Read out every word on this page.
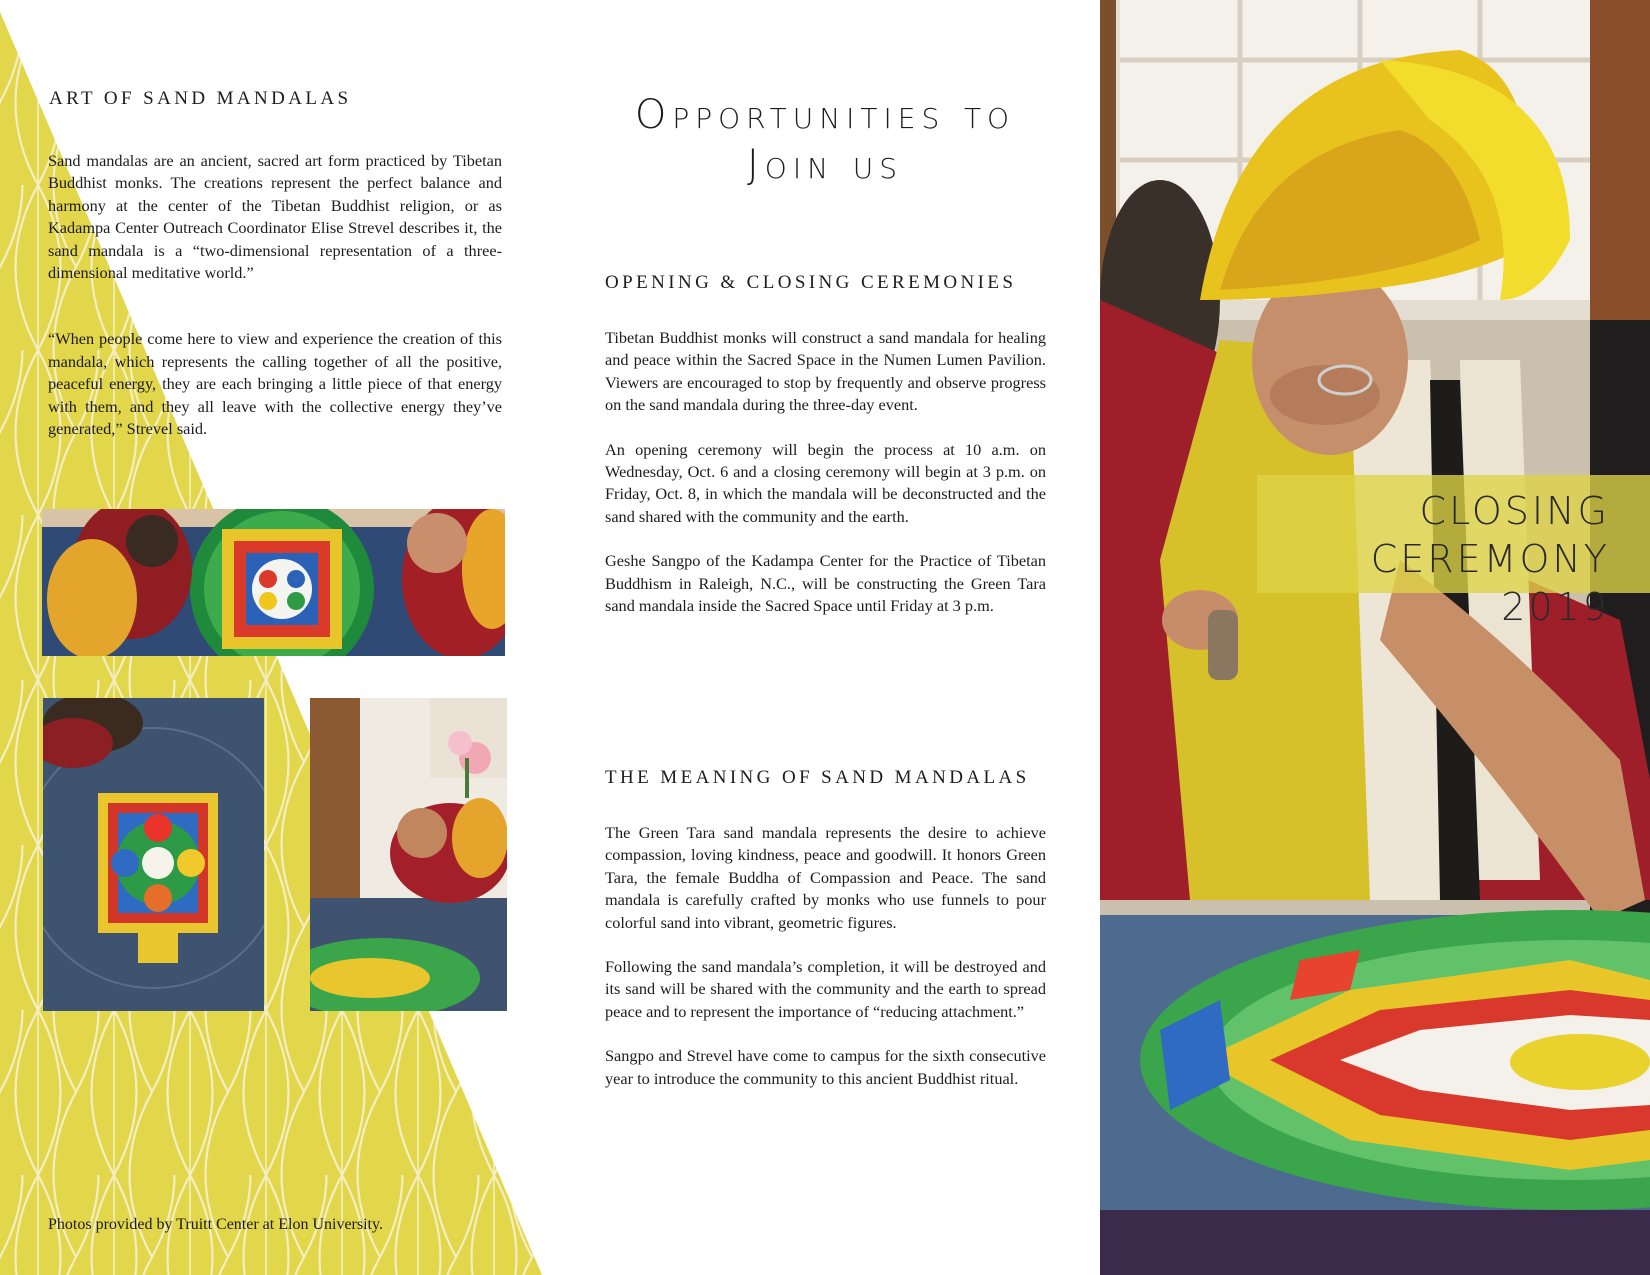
ART OF SAND MANDALAS

Sand mandalas are an ancient, sacred art form practiced by Tibetan Buddhist monks. The creations represent the perfect balance and harmony at the center of the Tibetan Buddhist religion, or as Kadampa Center Outreach Coordinator Elise Strevel describes it, the sand mandala is a “two-dimensional representation of a three-dimensional meditative world.”

“When people come here to view and experience the creation of this mandala, which represents the calling together of all the positive, peaceful energy, they are each bringing a little piece of that energy with them, and they all leave with the collective energy they’ve generated,” Strevel said.

Photos provided by Truitt Center at Elon University.
Opportunities to
Join us
OPENING & CLOSING CEREMONIES

Tibetan Buddhist monks will construct a sand mandala for healing and peace within the Sacred Space in the Numen Lumen Pavilion. Viewers are encouraged to stop by frequently and observe progress on the sand mandala during the three-day event.

An opening ceremony will begin the process at 10 a.m. on Wednesday, Oct. 6 and a closing ceremony will begin at 3 p.m. on Friday, Oct. 8, in which the mandala will be deconstructed and the sand shared with the community and the earth.

Geshe Sangpo of the Kadampa Center for the Practice of Tibetan Buddhism in Raleigh, N.C., will be constructing the Green Tara sand mandala inside the Sacred Space until Friday at 3 p.m.

THE MEANING OF SAND MANDALAS

The Green Tara sand mandala represents the desire to achieve compassion, loving kindness, peace and goodwill. It honors Green Tara, the female Buddha of Compassion and Peace. The sand mandala is carefully crafted by monks who use funnels to pour colorful sand into vibrant, geometric figures.

Following the sand mandala’s completion, it will be destroyed and its sand will be shared with the community and the earth to spread peace and to represent the importance of “reducing attachment.”

Sangpo and Strevel have come to campus for the sixth consecutive year to introduce the community to this ancient Buddhist ritual.

CLOSING
CEREMONY 2019
